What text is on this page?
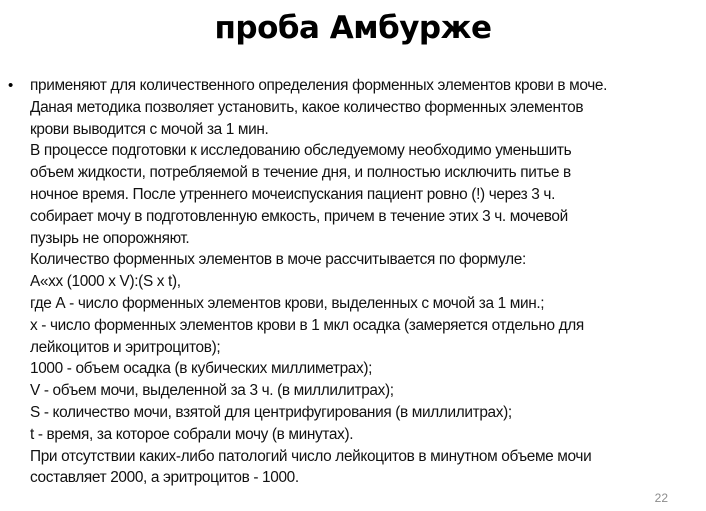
проба Амбурже
• применяют для количественного определения форменных элементов крови в моче.
Даная методика позволяет установить, какое количество форменных элементов
крови выводится с мочой за 1 мин.
В процессе подготовки к исследованию обследуемому необходимо уменьшить
объем жидкости, потребляемой в течение дня, и полностью исключить питье в
ночное время. После утреннего мочеиспускания пациент ровно (!) через 3 ч.
собирает мочу в подготовленную емкость, причем в течение этих 3 ч. мочевой
пузырь не опорожняют.
Количество форменных элементов в моче рассчитывается по формуле:
А«хх (1000 х V):(S х t),
где А - число форменных элементов крови, выделенных с мочой за 1 мин.;
х - число форменных элементов крови в 1 мкл осадка (замеряется отдельно для
лейкоцитов и эритроцитов);
1000 - объем осадка (в кубических миллиметрах);
V - объем мочи, выделенной за 3 ч. (в миллилитрах);
S - количество мочи, взятой для центрифугирования (в миллилитрах);
t - время, за которое собрали мочу (в минутах).
При отсутствии каких-либо патологий число лейкоцитов в минутном объеме мочи
составляет 2000, а эритроцитов - 1000.
22
